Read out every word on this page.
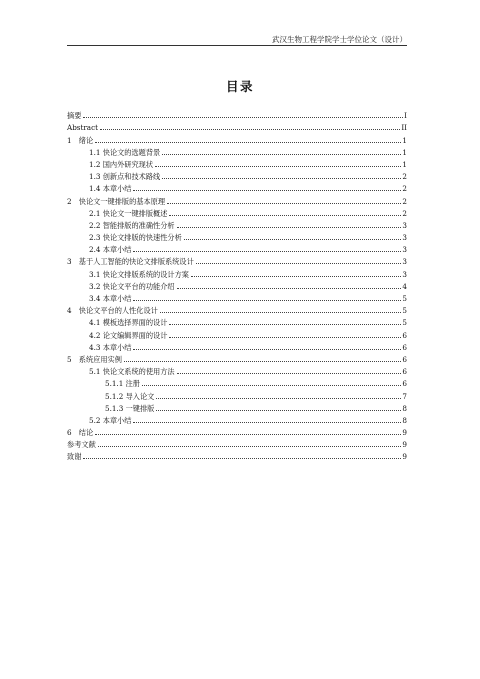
武汉生物工程学院学士学位论文（设计）
目录
摘要	I
Abstract	II
1　绪论	1
1.1 快论文的选题背景	1
1.2 国内外研究现状	1
1.3 创新点和技术路线	2
1.4 本章小结	2
2　快论文一键排版的基本原理	2
2.1 快论文一键排版概述	2
2.2 智能排版的准确性分析	3
2.3 快论文排版的快速性分析	3
2.4 本章小结	3
3　基于人工智能的快论文排版系统设计	3
3.1 快论文排版系统的设计方案	3
3.2 快论文平台的功能介绍	4
3.4 本章小结	5
4　快论文平台的人性化设计	5
4.1 模板选择界面的设计	5
4.2 论文编辑界面的设计	6
4.3 本章小结	6
5　系统应用实例	6
5.1 快论文系统的使用方法	6
5.1.1 注册	6
5.1.2 导入论文	7
5.1.3 一键排版	8
5.2 本章小结	8
6　结论	9
参考文献	9
致谢	9
